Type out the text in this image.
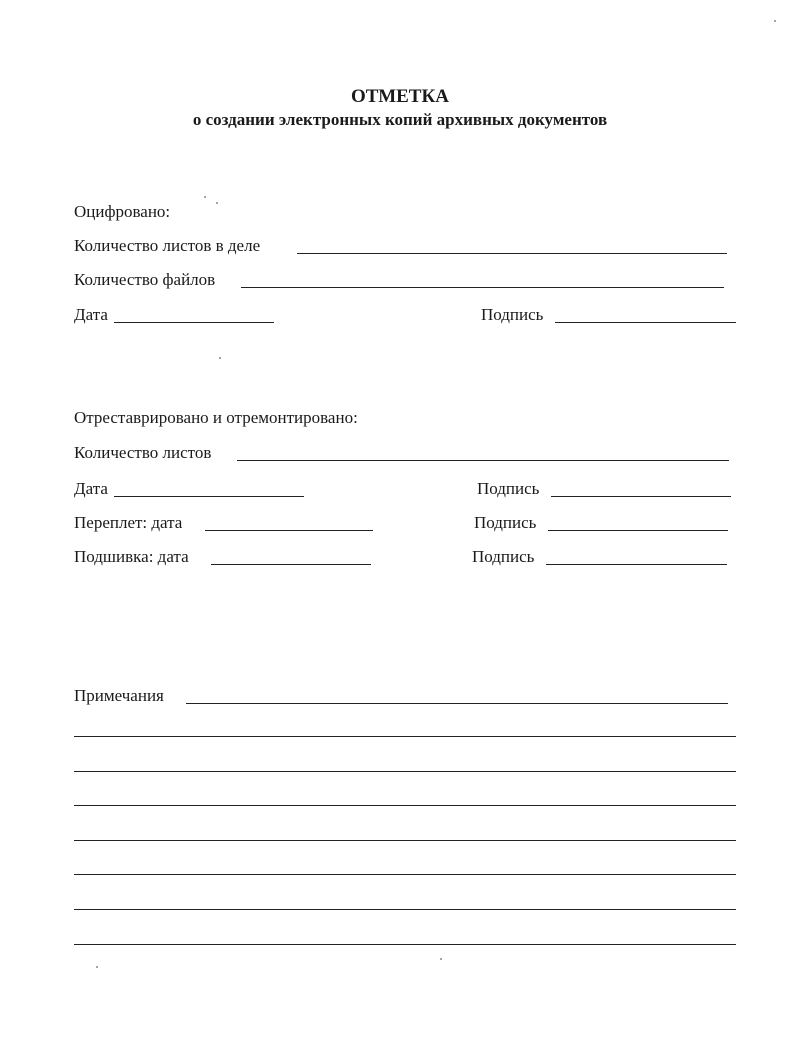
ОТМЕТКА
о создании электронных копий архивных документов
Оцифровано:
Количество листов в деле
Количество файлов
Дата	Подпись
Отреставрировано и отремонтировано:
Количество листов
Дата	Подпись
Переплет: дата	Подпись
Подшивка: дата	Подпись
Примечания
